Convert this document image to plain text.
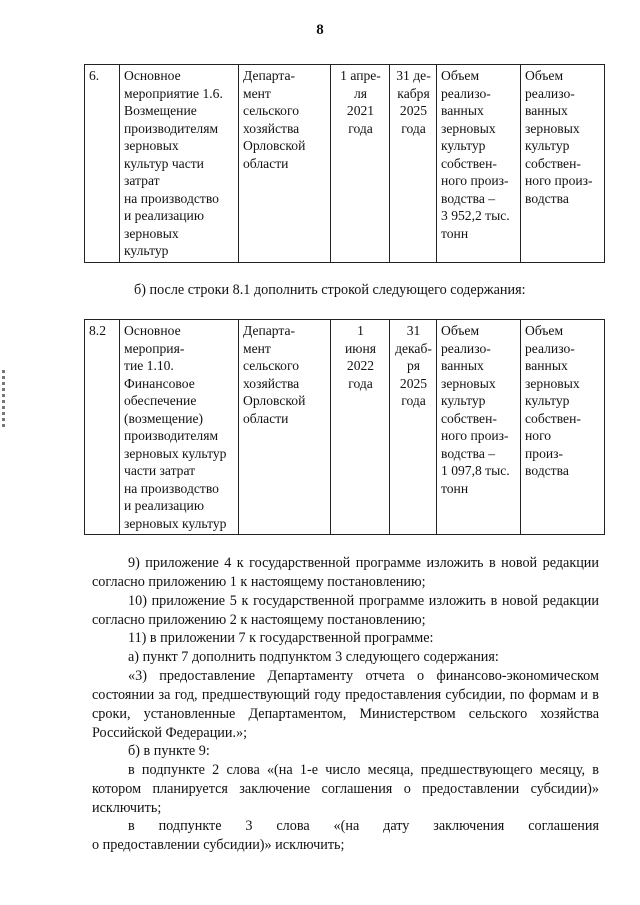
8
6.	Основное
мероприятие 1.6.
Возмещение
производителям
зерновых
культур части
затрат
на производство
и реализацию
зерновых
культур	Департа-
мент
сельского
хозяйства
Орловской
области	1 апре-
ля
2021
года	31 де-
кабря
2025
года	Объем
реализо-
ванных
зерновых
культур
собствен-
ного произ-
водства –
3 952,2 тыс.
тонн	Объем
реализо-
ванных
зерновых
культур
собствен-
ного произ-
водства
б) после строки 8.1 дополнить строкой следующего содержания:
8.2	Основное
мероприя-
тие 1.10.
Финансовое
обеспечение
(возмещение)
производителям
зерновых культур
части затрат
на производство
и реализацию
зерновых культур	Департа-
мент
сельского
хозяйства
Орловской
области	1
июня
2022
года	31
декаб-
ря
2025
года	Объем
реализо-
ванных
зерновых
культур
собствен-
ного произ-
водства –
1 097,8 тыс.
тонн	Объем
реализо-
ванных
зерновых
культур
собствен-
ного
произ-
водства
9) приложение 4 к государственной программе изложить в новой редакции согласно приложению 1 к настоящему постановлению;
10) приложение 5 к государственной программе изложить в новой редакции согласно приложению 2 к настоящему постановлению;
11) в приложении 7 к государственной программе:
а) пункт 7 дополнить подпунктом 3 следующего содержания:
«3) предоставление Департаменту отчета о финансово-экономическом состоянии за год, предшествующий году предоставления субсидии, по формам и в сроки, установленные Департаментом, Министерством сельского хозяйства Российской Федерации.»;
б) в пункте 9:
в подпункте 2 слова «(на 1-е число месяца, предшествующего месяцу, в котором планируется заключение соглашения о предоставлении субсидии)» исключить;
в подпункте 3 слова «(на дату заключения соглашения
о предоставлении субсидии)» исключить;
